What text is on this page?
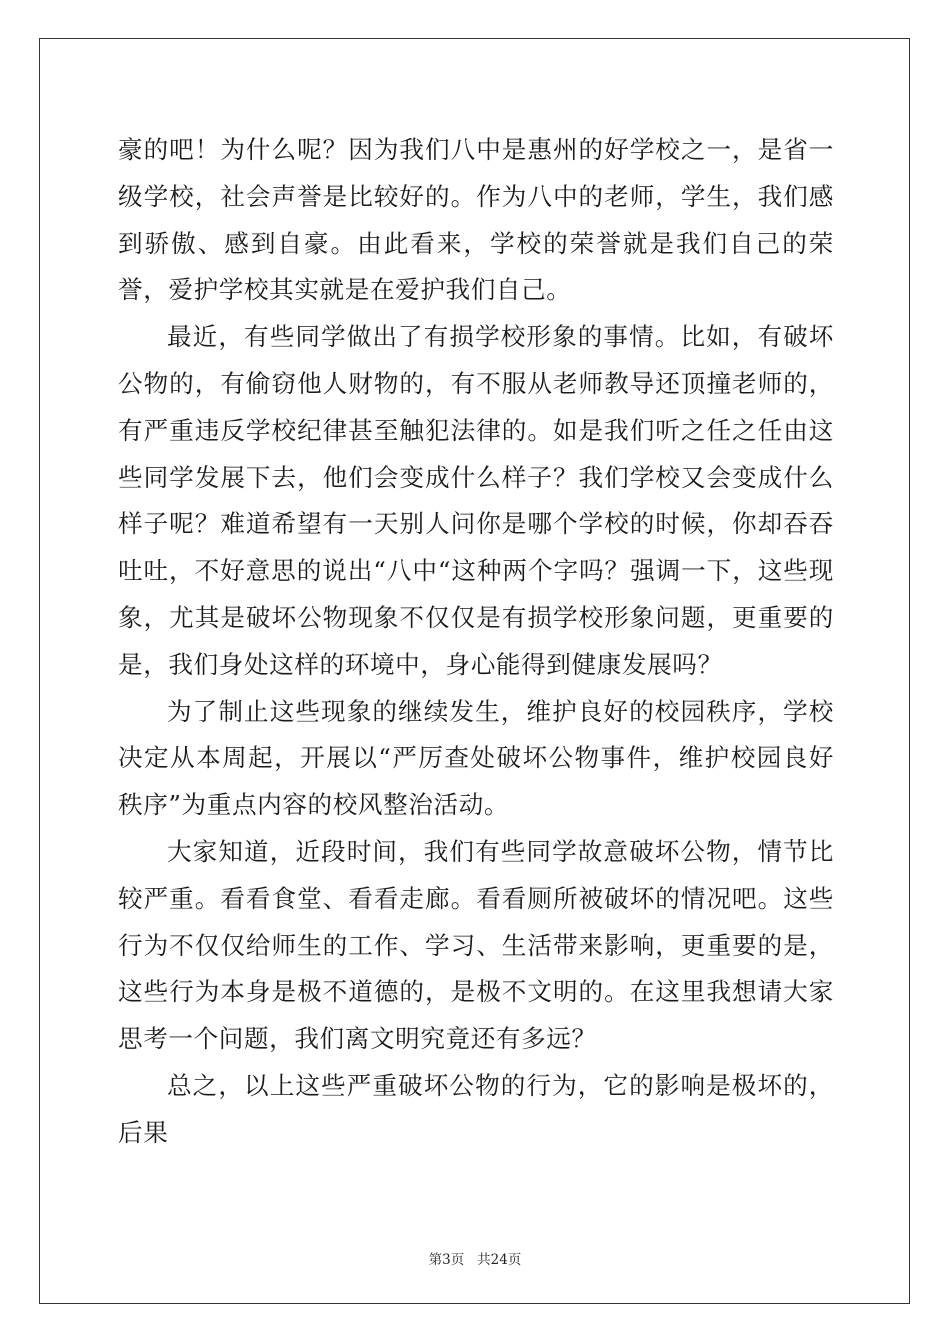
豪的吧！为什么呢？因为我们八中是惠州的好学校之一，是省一级学校，社会声誉是比较好的。作为八中的老师，学生，我们感到骄傲、感到自豪。由此看来，学校的荣誉就是我们自己的荣誉，爱护学校其实就是在爱护我们自己。

最近，有些同学做出了有损学校形象的事情。比如，有破坏公物的，有偷窃他人财物的，有不服从老师教导还顶撞老师的，有严重违反学校纪律甚至触犯法律的。如是我们听之任之任由这些同学发展下去，他们会变成什么样子？我们学校又会变成什么样子呢？难道希望有一天别人问你是哪个学校的时候，你却吞吞吐吐，不好意思的说出“八中“这种两个字吗？强调一下，这些现象，尤其是破坏公物现象不仅仅是有损学校形象问题，更重要的是，我们身处这样的环境中，身心能得到健康发展吗？

为了制止这些现象的继续发生，维护良好的校园秩序，学校决定从本周起，开展以“严厉查处破坏公物事件，维护校园良好秩序”为重点内容的校风整治活动。

大家知道，近段时间，我们有些同学故意破坏公物，情节比较严重。看看食堂、看看走廊。看看厕所被破坏的情况吧。这些行为不仅仅给师生的工作、学习、生活带来影响，更重要的是，这些行为本身是极不道德的，是极不文明的。在这里我想请大家思考一个问题，我们离文明究竟还有多远？

总之，以上这些严重破坏公物的行为，它的影响是极坏的，后果

第3页 共24页
